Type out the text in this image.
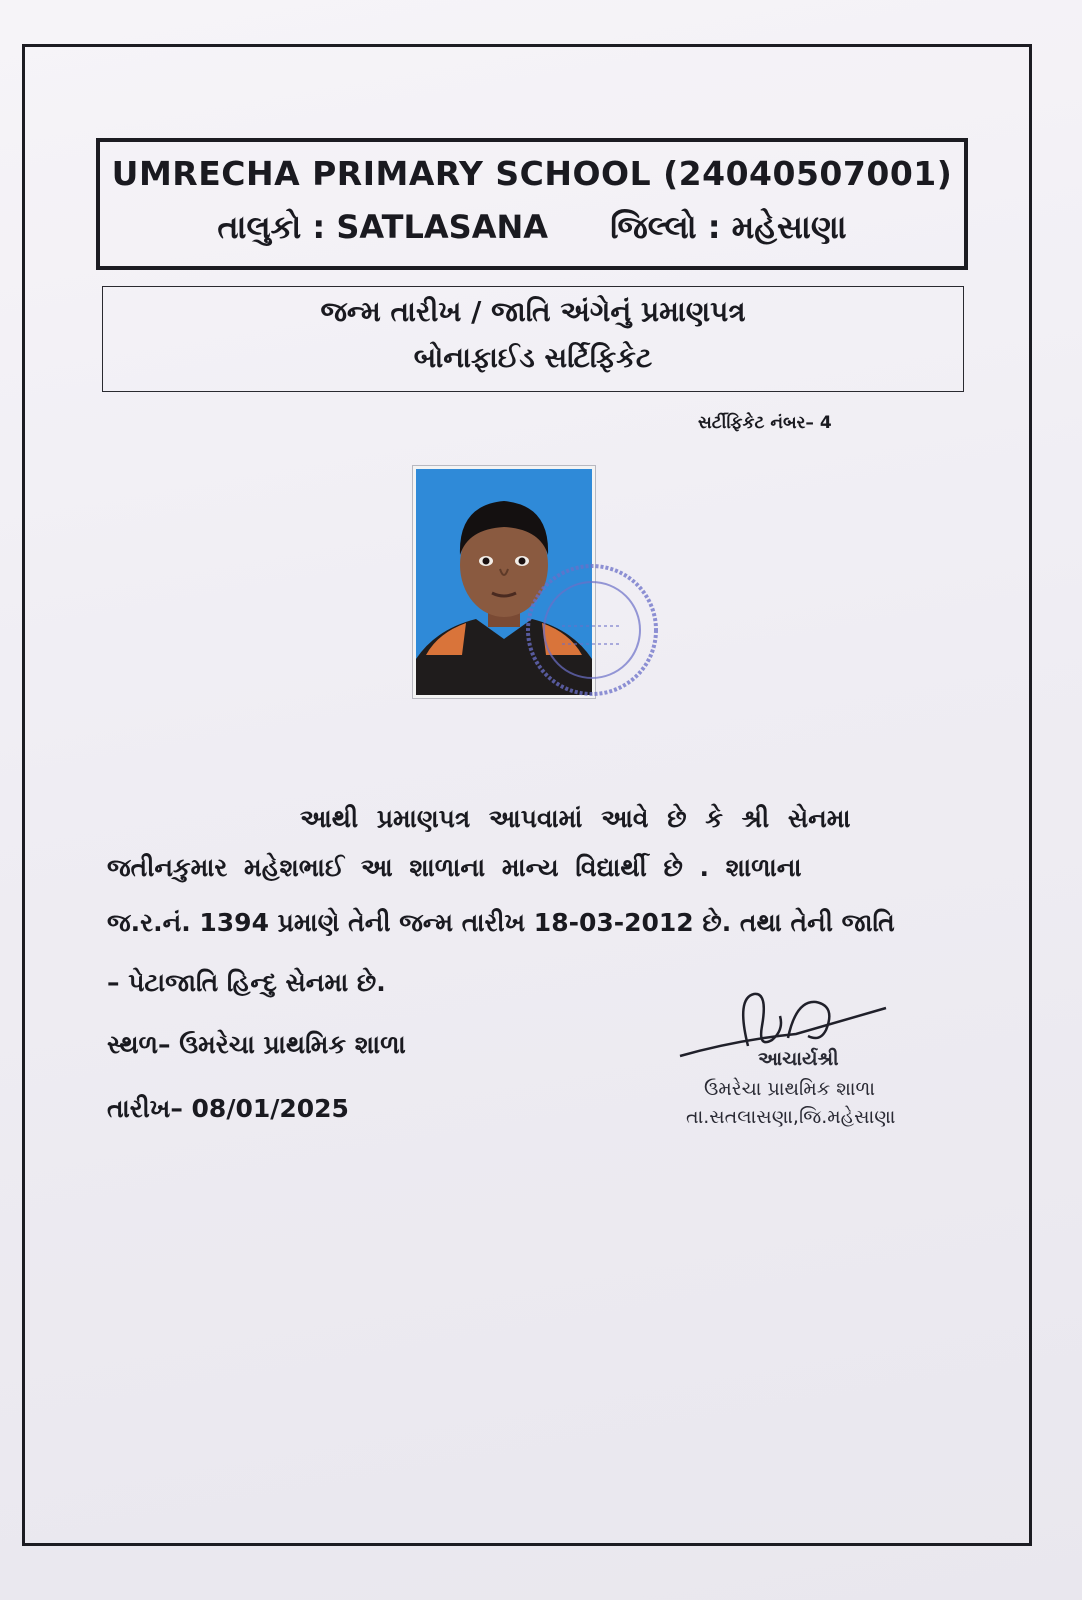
UMRECHA PRIMARY SCHOOL (24040507001)
તાલુકો : SATLASANA જિલ્લો : મહેસાણા
જન્મ તારીખ / જાતિ અંગેનું પ્રમાણપત્ર
બોનાફાઈડ સર્ટિફિકેટ
સર્ટીફિકેટ નંબર– 4
આથી પ્રમાણપત્ર આપવામાં આવે છે કે શ્રી સેનમા
જતીનકુમાર મહેશભાઈ આ શાળાના માન્ય વિદ્યાર્થી છે . શાળાના
જ.ર.નં. 1394 પ્રમાણે તેની જન્મ તારીખ 18-03-2012 છે. તથા તેની જાતિ
– પેટાજાતિ હિન્દુ સેનમા છે.
સ્થળ– ઉમરેચા પ્રાથમિક શાળા
તારીખ– 08/01/2025
આચાર્યશ્રી
ઉમરેચા પ્રાથમિક શાળા
તા.સતલાસણા,જિ.મહેસાણા
